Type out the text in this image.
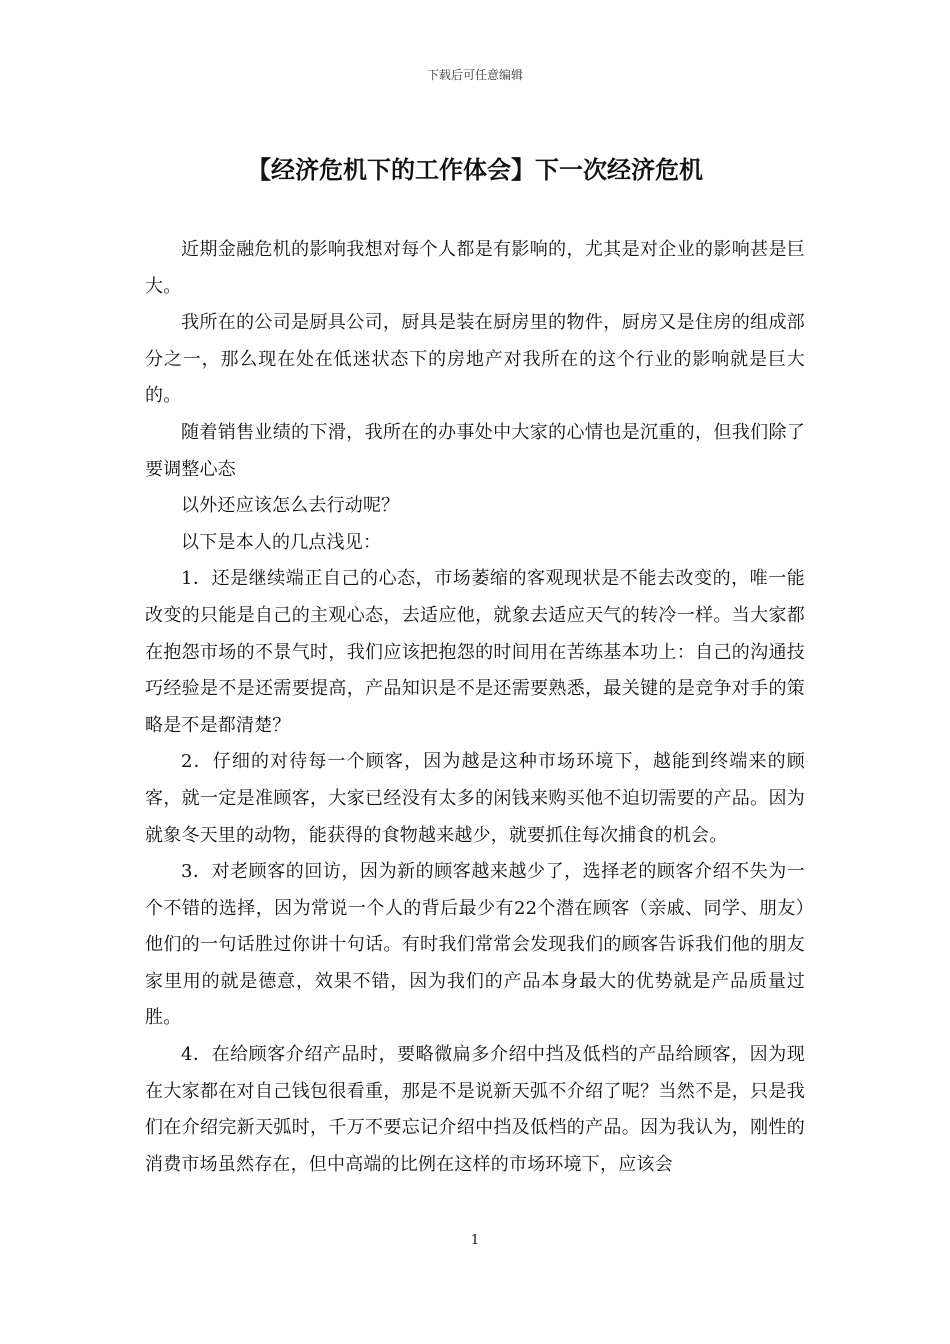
下载后可任意编辑
【经济危机下的工作体会】下一次经济危机

近期金融危机的影响我想对每个人都是有影响的，尤其是对企业的影响甚是巨大。

我所在的公司是厨具公司，厨具是装在厨房里的物件，厨房又是住房的组成部分之一，那么现在处在低迷状态下的房地产对我所在的这个行业的影响就是巨大的。

随着销售业绩的下滑，我所在的办事处中大家的心情也是沉重的，但我们除了要调整心态

以外还应该怎么去行动呢？

以下是本人的几点浅见：

1．还是继续端正自己的心态，市场萎缩的客观现状是不能去改变的，唯一能改变的只能是自己的主观心态，去适应他，就象去适应天气的转冷一样。当大家都在抱怨市场的不景气时，我们应该把抱怨的时间用在苦练基本功上：自己的沟通技巧经验是不是还需要提高，产品知识是不是还需要熟悉，最关键的是竞争对手的策略是不是都清楚？

2．仔细的对待每一个顾客，因为越是这种市场环境下，越能到终端来的顾客，就一定是准顾客，大家已经没有太多的闲钱来购买他不迫切需要的产品。因为就象冬天里的动物，能获得的食物越来越少，就要抓住每次捕食的机会。

3．对老顾客的回访，因为新的顾客越来越少了，选择老的顾客介绍不失为一个不错的选择，因为常说一个人的背后最少有22个潜在顾客（亲戚、同学、朋友）他们的一句话胜过你讲十句话。有时我们常常会发现我们的顾客告诉我们他的朋友家里用的就是德意，效果不错，因为我们的产品本身最大的优势就是产品质量过胜。

4．在给顾客介绍产品时，要略微扁多介绍中挡及低档的产品给顾客，因为现在大家都在对自己钱包很看重，那是不是说新天弧不介绍了呢？当然不是，只是我们在介绍完新天弧时，千万不要忘记介绍中挡及低档的产品。因为我认为，刚性的消费市场虽然存在，但中高端的比例在这样的市场环境下，应该会

1
